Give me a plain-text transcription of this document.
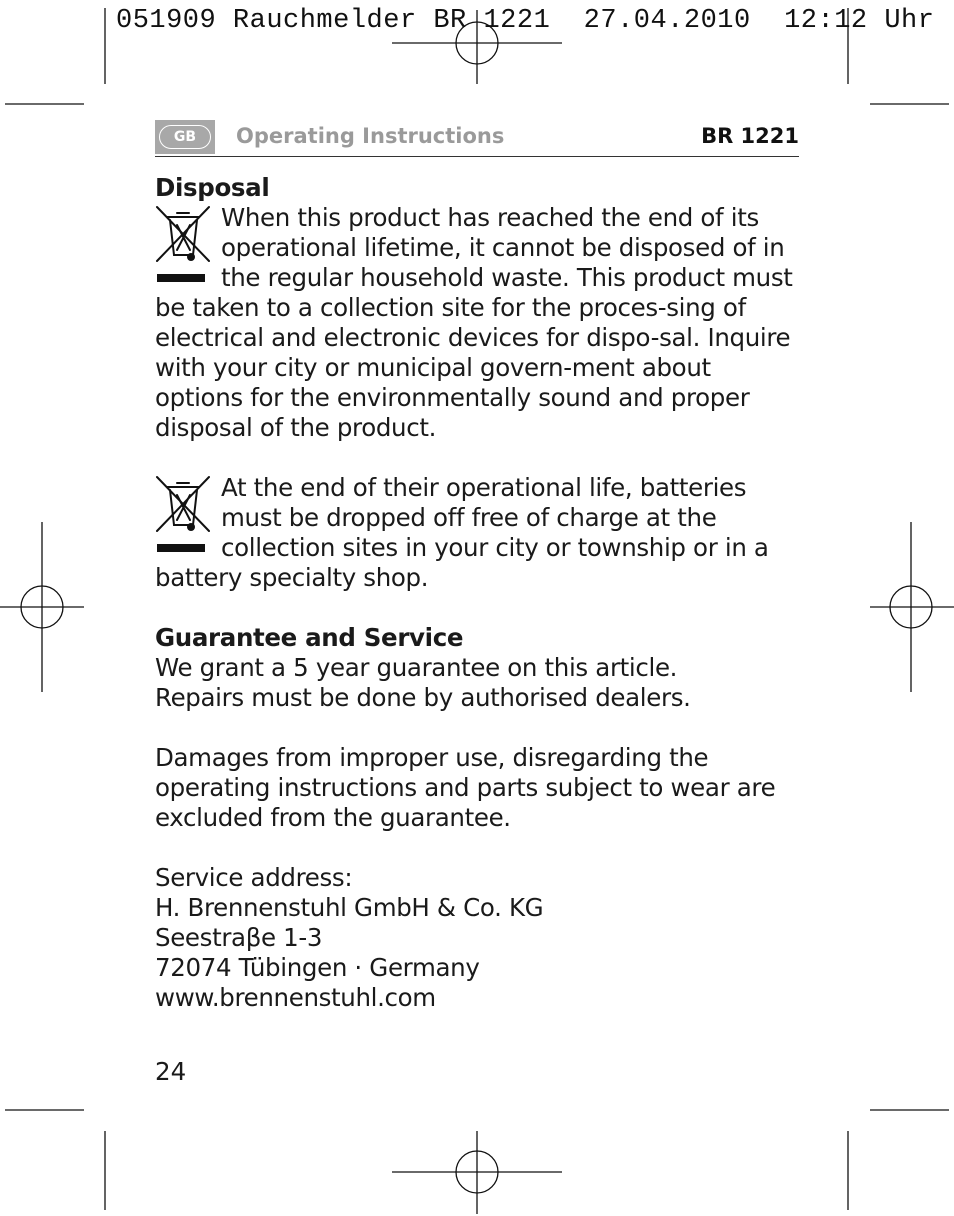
051909 Rauchmelder BR 1221  27.04.2010  12:12 Uhr
GB	Operating Instructions	BR 1221
Disposal

When this product has reached the end of its operational lifetime, it cannot be disposed of in the regular household waste. This product must be taken to a collection site for the proces-sing of electrical and electronic devices for dispo-sal. Inquire with your city or municipal govern-ment about options for the environmentally sound and proper disposal of the product.

At the end of their operational life, batteries must be dropped off free of charge at the collection sites in your city or township or in a battery specialty shop.

Guarantee and Service

We grant a 5 year guarantee on this article.

Repairs must be done by authorised dealers.

Damages from improper use, disregarding the operating instructions and parts subject to wear are excluded from the guarantee.

Service address:

H. Brennenstuhl GmbH & Co. KG

Seestraβe 1-3

72074 Tübingen · Germany

www.brennenstuhl.com

24
